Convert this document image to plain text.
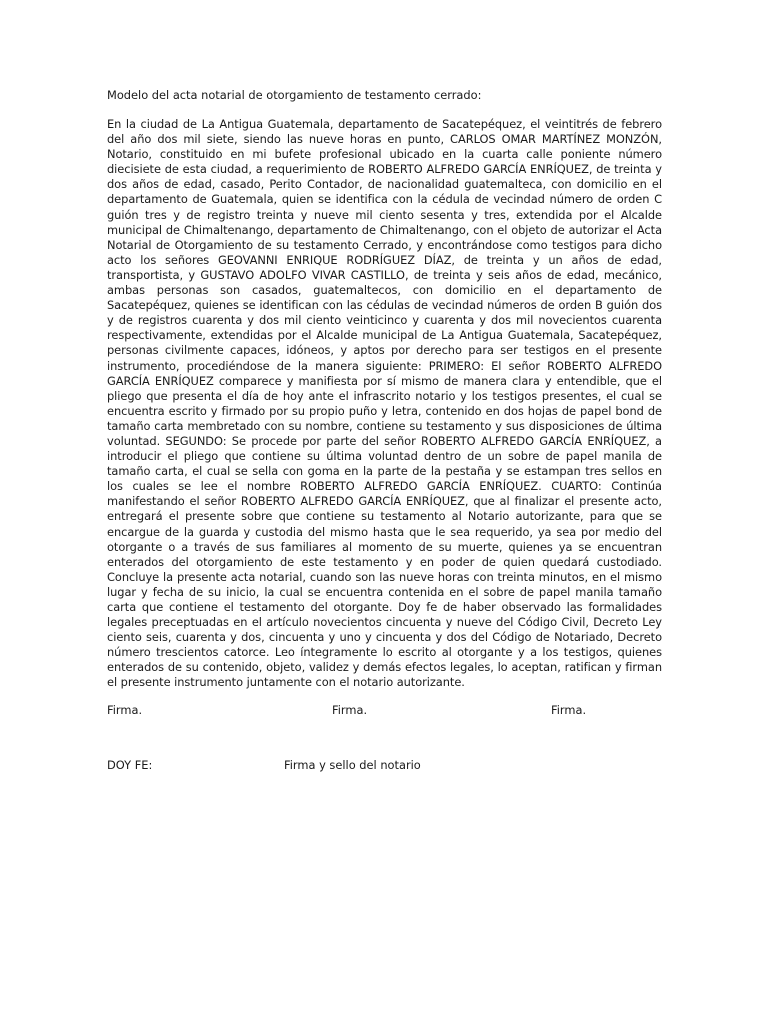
Modelo del acta notarial de otorgamiento de testamento cerrado:

En la ciudad de La Antigua Guatemala, departamento de Sacatepéquez, el veintitrés de febrero del año dos mil siete, siendo las nueve horas en punto, CARLOS OMAR MARTÍNEZ MONZÓN, Notario, constituido en mi bufete profesional ubicado en la cuarta calle poniente número diecisiete de esta ciudad, a requerimiento de ROBERTO ALFREDO GARCÍA ENRÍQUEZ, de treinta y dos años de edad, casado, Perito Contador, de nacionalidad guatemalteca, con domicilio en el departamento de Guatemala, quien se identifica con la cédula de vecindad número de orden C guión tres y de registro treinta y nueve mil ciento sesenta y tres, extendida por el Alcalde municipal de Chimaltenango, departamento de Chimaltenango, con el objeto de autorizar el Acta Notarial de Otorgamiento de su testamento Cerrado, y encontrándose como testigos para dicho acto los señores GEOVANNI ENRIQUE RODRÍGUEZ DÍAZ, de treinta y un años de edad, transportista, y GUSTAVO ADOLFO VIVAR CASTILLO, de treinta y seis años de edad, mecánico, ambas personas son casados, guatemaltecos, con domicilio en el departamento de Sacatepéquez, quienes se identifican con las cédulas de vecindad números de orden B guión dos y de registros cuarenta y dos mil ciento veinticinco y cuarenta y dos mil novecientos cuarenta respectivamente, extendidas por el Alcalde municipal de La Antigua Guatemala, Sacatepéquez, personas civilmente capaces, idóneos, y aptos por derecho para ser testigos en el presente instrumento, procediéndose de la manera siguiente: PRIMERO: El señor ROBERTO ALFREDO GARCÍA ENRÍQUEZ comparece y manifiesta por sí mismo de manera clara y entendible, que el pliego que presenta el día de hoy ante el infrascrito notario y los testigos presentes, el cual se encuentra escrito y firmado por su propio puño y letra, contenido en dos hojas de papel bond de tamaño carta membretado con su nombre, contiene su testamento y sus disposiciones de última voluntad. SEGUNDO: Se procede por parte del señor ROBERTO ALFREDO GARCÍA ENRÍQUEZ, a introducir el pliego que contiene su última voluntad dentro de un sobre de papel manila de tamaño carta, el cual se sella con goma en la parte de la pestaña y se estampan tres sellos en los cuales se lee el nombre ROBERTO ALFREDO GARCÍA ENRÍQUEZ. CUARTO: Continúa manifestando el señor ROBERTO ALFREDO GARCÍA ENRÍQUEZ, que al finalizar el presente acto, entregará el presente sobre que contiene su testamento al Notario autorizante, para que se encargue de la guarda y custodia del mismo hasta que le sea requerido, ya sea por medio del otorgante o a través de sus familiares al momento de su muerte, quienes ya se encuentran enterados del otorgamiento de este testamento y en poder de quien quedará custodiado. Concluye la presente acta notarial, cuando son las nueve horas con treinta minutos, en el mismo lugar y fecha de su inicio, la cual se encuentra contenida en el sobre de papel manila tamaño carta que contiene el testamento del otorgante. Doy fe de haber observado las formalidades legales preceptuadas en el artículo novecientos cincuenta y nueve del Código Civil, Decreto Ley ciento seis, cuarenta y dos, cincuenta y uno y cincuenta y dos del Código de Notariado, Decreto número trescientos catorce. Leo íntegramente lo escrito al otorgante y a los testigos, quienes enterados de su contenido, objeto, validez y demás efectos legales, lo aceptan, ratifican y firman el presente instrumento juntamente con el notario autorizante.

Firma.	Firma.	Firma.
DOY FE:	Firma y sello del notario
